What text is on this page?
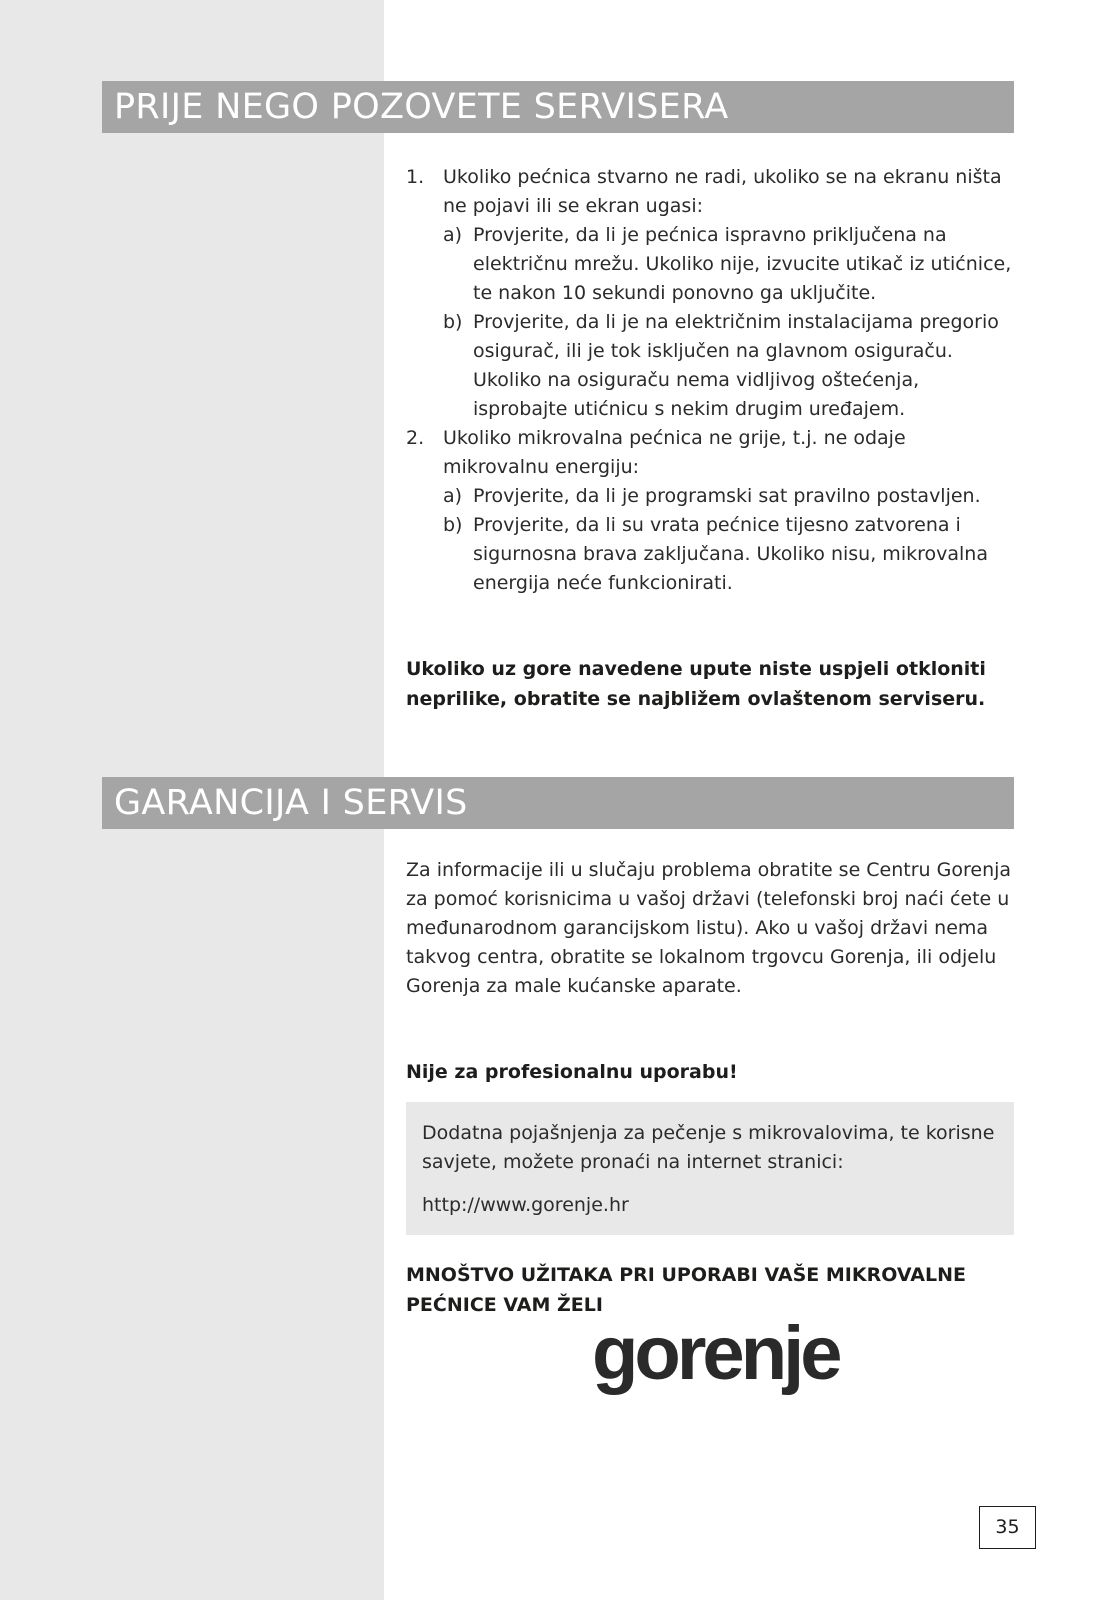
PRIJE NEGO POZOVETE SERVISERA
1. Ukoliko pećnica stvarno ne radi, ukoliko se na ekranu ništa ne pojavi ili se ekran ugasi:
a) Provjerite, da li je pećnica ispravno priključena na električnu mrežu. Ukoliko nije, izvucite utikač iz utićnice, te nakon 10 sekundi ponovno ga uključite.
b) Provjerite, da li je na električnim instalacijama pregorio osigurač, ili je tok isključen na glavnom osiguraču. Ukoliko na osiguraču nema vidljivog oštećenja, isprobajte utićnicu s nekim drugim uređajem.
2. Ukoliko mikrovalna pećnica ne grije, t.j. ne odaje mikrovalnu energiju:
a) Provjerite, da li je programski sat pravilno postavljen.
b) Provjerite, da li su vrata pećnice tijesno zatvorena i sigurnosna brava zaključana. Ukoliko nisu, mikrovalna energija neće funkcionirati.
Ukoliko uz gore navedene upute niste uspjeli otkloniti neprilike, obratite se najbližem ovlaštenom serviseru.
GARANCIJA I SERVIS
Za informacije ili u slučaju problema obratite se Centru Gorenja za pomoć korisnicima u vašoj državi (telefonski broj naći ćete u međunarodnom garancijskom listu). Ako u vašoj državi nema takvog centra, obratite se lokalnom trgovcu Gorenja, ili odjelu Gorenja za male kućanske aparate.
Nije za profesionalnu uporabu!
Dodatna pojašnjenja za pečenje s mikrovalovima, te korisne savjete, možete pronaći na internet stranici:
http://www.gorenje.hr
MNOŠTVO UŽITAKA PRI UPORABI VAŠE MIKROVALNE PEĆNICE VAM ŽELI
gorenje
35
